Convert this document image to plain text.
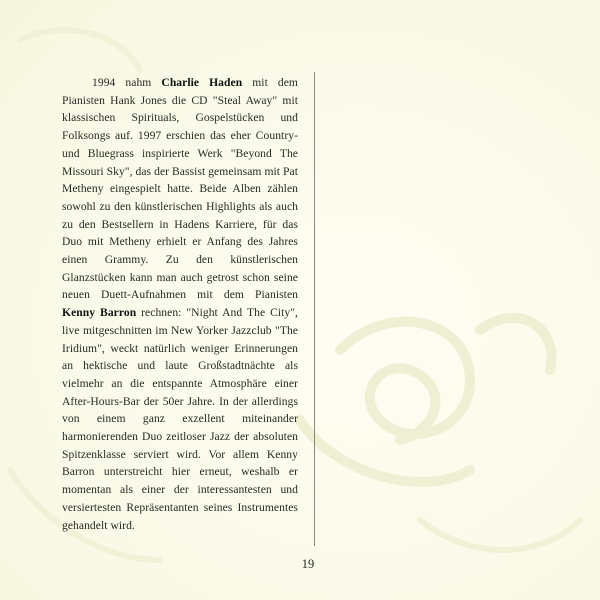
1994 nahm Charlie Haden mit dem Pianisten Hank Jones die CD "Steal Away" mit klassischen Spirituals, Gospelstücken und Folksongs auf. 1997 erschien das eher Country- und Bluegrass inspirierte Werk "Beyond The Missouri Sky", das der Bassist gemeinsam mit Pat Metheny eingespielt hatte. Beide Alben zählen sowohl zu den künstlerischen Highlights als auch zu den Bestsellern in Hadens Karriere, für das Duo mit Metheny erhielt er Anfang des Jahres einen Grammy. Zu den künstlerischen Glanzstücken kann man auch getrost schon seine neuen Duett-Aufnahmen mit dem Pianisten Kenny Barron rechnen: "Night And The City", live mitgeschnitten im New Yorker Jazzclub "The Iridium", weckt natürlich weniger Erinnerungen an hektische und laute Großstadtnächte als vielmehr an die entspannte Atmosphäre einer After-Hours-Bar der 50er Jahre. In der allerdings von einem ganz exzellent miteinander harmonierenden Duo zeitloser Jazz der absoluten Spitzenklasse serviert wird. Vor allem Kenny Barron unterstreicht hier erneut, weshalb er momentan als einer der interessantesten und versiertesten Repräsentanten seines Instrumentes gehandelt wird.

19
